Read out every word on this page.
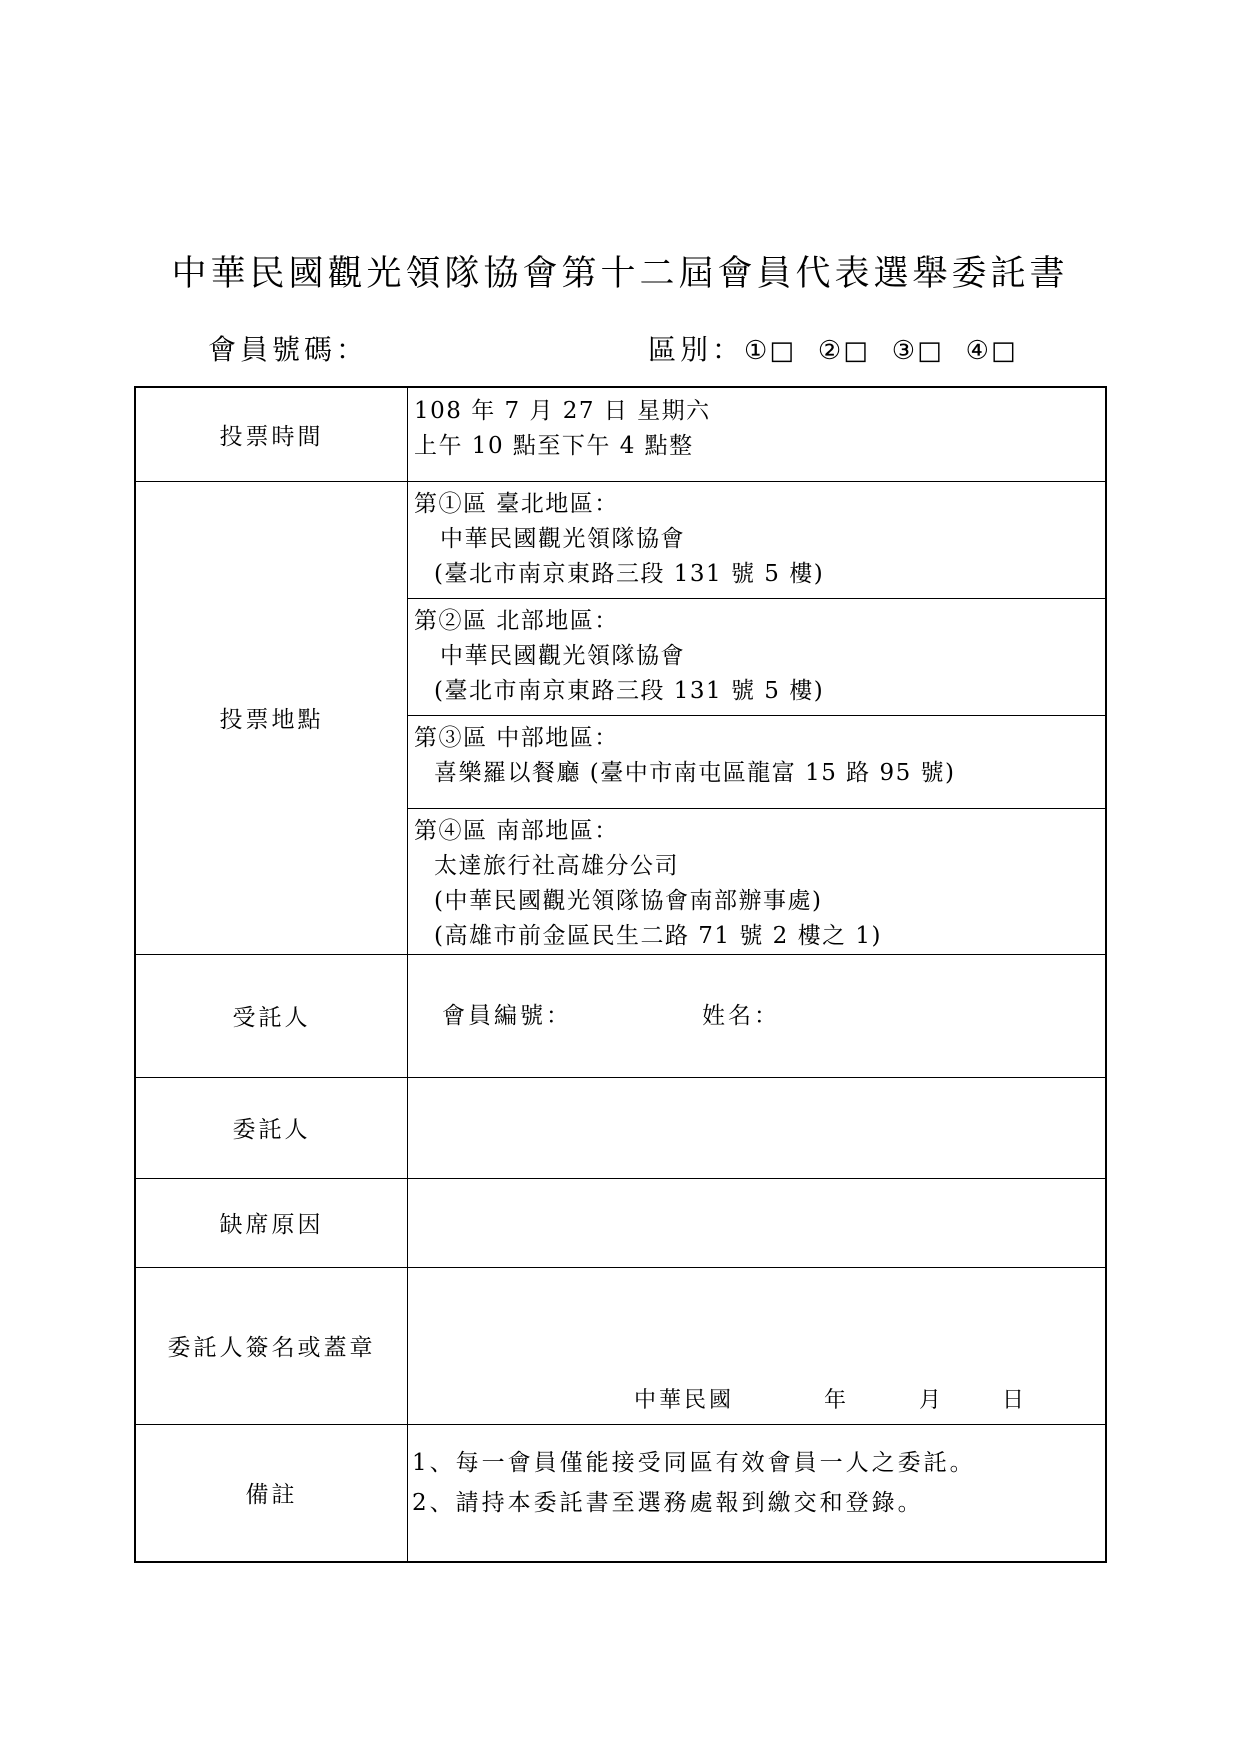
中華民國觀光領隊協會第十二屆會員代表選舉委託書
會員號碼：	區別：①□ ②□ ③□ ④□
投票時間	108 年 7 月 27 日 星期六
上午 10 點至下午 4 點整

投票地點	第①區 臺北地區：
中華民國觀光領隊協會
(臺北市南京東路三段 131 號 5 樓)

	第②區 北部地區：
中華民國觀光領隊協會
(臺北市南京東路三段 131 號 5 樓)

	第③區 中部地區：
喜樂羅以餐廳 (臺中市南屯區龍富 15 路 95 號)

	第④區 南部地區：
太達旅行社高雄分公司
(中華民國觀光領隊協會南部辦事處)
(高雄市前金區民生二路 71 號 2 樓之 1)

受託人	會員編號： 姓名：

委託人	
缺席原因	
委託人簽名或蓋章	中華民國 年 月 日

備註	1、每一會員僅能接受同區有效會員一人之委託。
2、請持本委託書至選務處報到繳交和登錄。
